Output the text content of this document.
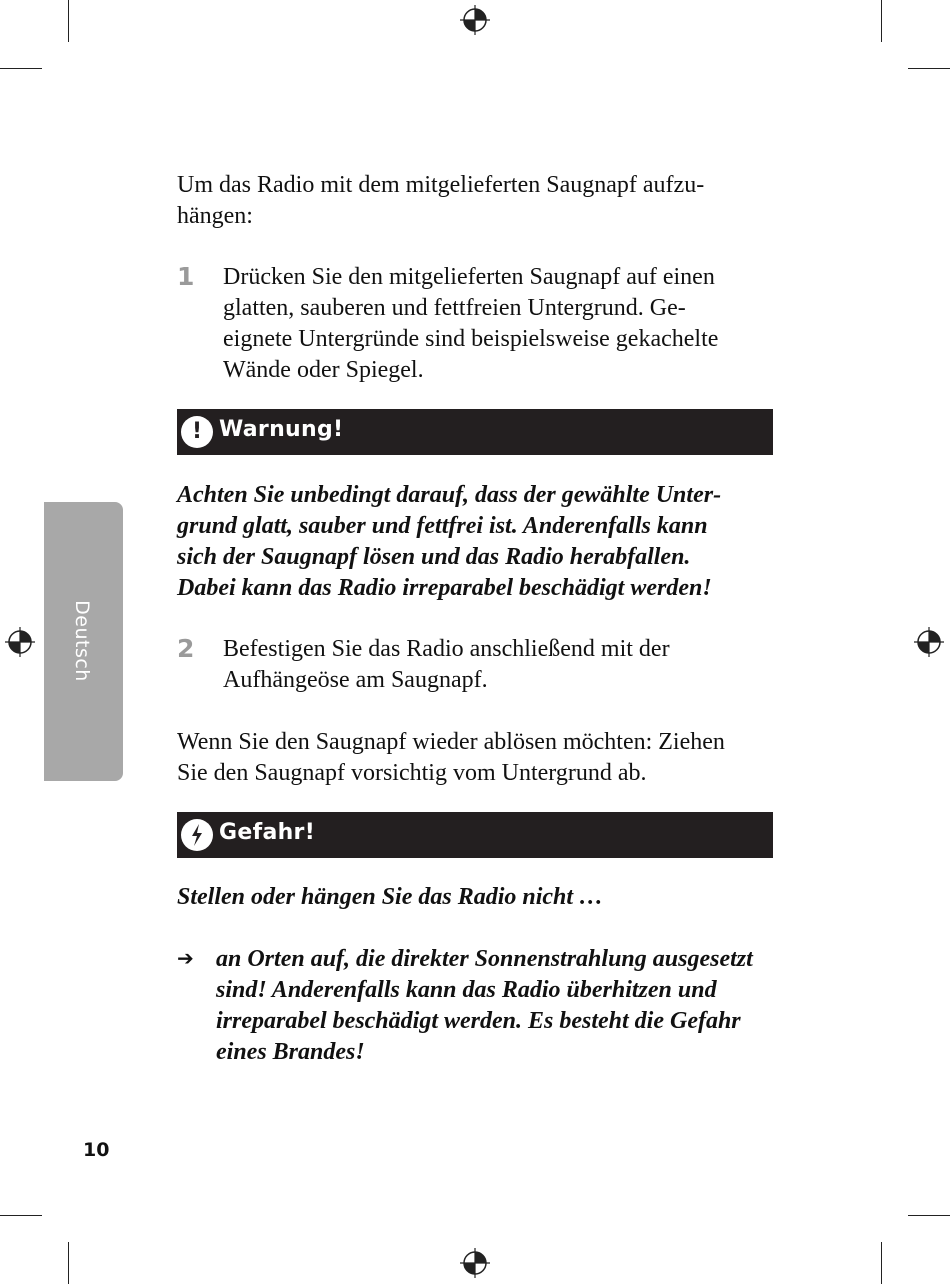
Deutsch
Um das Radio mit dem mitgelieferten Saugnapf aufzu-
hängen:
1 Drücken Sie den mitgelieferten Saugnapf auf einen
glatten, sauberen und fettfreien Untergrund. Ge-
eignete Untergründe sind beispielsweise gekachelte
Wände oder Spiegel.
! Warnung!
Achten Sie unbedingt darauf, dass der gewählte Unter-
grund glatt, sauber und fettfrei ist. Anderenfalls kann
sich der Saugnapf lösen und das Radio herabfallen.
Dabei kann das Radio irreparabel beschädigt werden!
2 Befestigen Sie das Radio anschließend mit der
Aufhängeöse am Saugnapf.
Wenn Sie den Saugnapf wieder ablösen möchten: Ziehen
Sie den Saugnapf vorsichtig vom Untergrund ab.
Gefahr!
Stellen oder hängen Sie das Radio nicht …
➔ an Orten auf, die direkter Sonnenstrahlung ausgesetzt
sind! Anderenfalls kann das Radio überhitzen und
irreparabel beschädigt werden. Es besteht die Gefahr
eines Brandes!
10
